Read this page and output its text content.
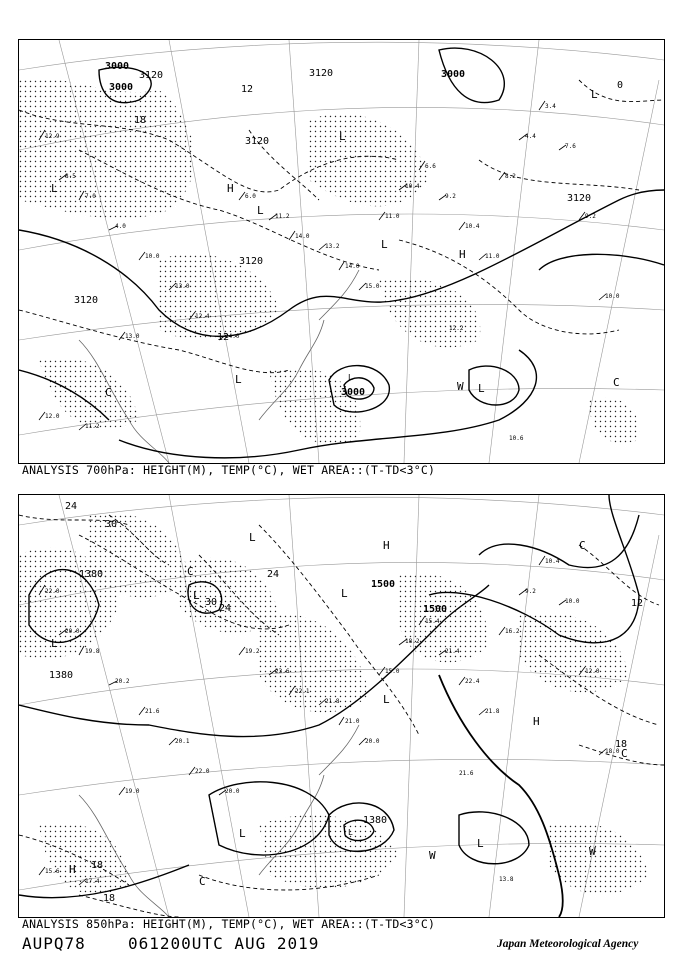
12.9
8.5
7.0
4.0
10.0
13.0
12.4
14.0
6.0
11.2
14.0
13.2
14.0
15.0
11.0
10.4
6.6
9.2
10.4
11.0
8.2
4.4
3.4
7.6
9.2
10.0
12.0
11.2
13.0
12.2
10.6
3000
3000
3120
3120
3000
3120
3120
3120
3120
3000
18
12
12
0
L
L
L
L
L
L
L
H
H
W
C
C
L
ANALYSIS 700hPa: HEIGHT(M), TEMP(°C), WET AREA::(T-TD<3°C)
22.0
20.0
19.8
20.2
21.6
20.1
22.0
20.0
19.2
23.6
22.1
21.8
21.0
20.0
15.0
18.2
15.4
21.4
22.4
21.8
16.2
9.2
10.4
10.0
12.0
18.0
15.6
17.4
19.0
13.8
21.6
1380
1380
1500
1500
1380
24
30
30
24
24
12
18
18
18
L
L
L
L
L
L
L
H
H
H
C
C
C
C
W	W
L
ANALYSIS 850hPa: HEIGHT(M), TEMP(°C), WET AREA::(T-TD<3°C)
AUPQ78	061200UTC AUG 2019	Japan Meteorological Agency
